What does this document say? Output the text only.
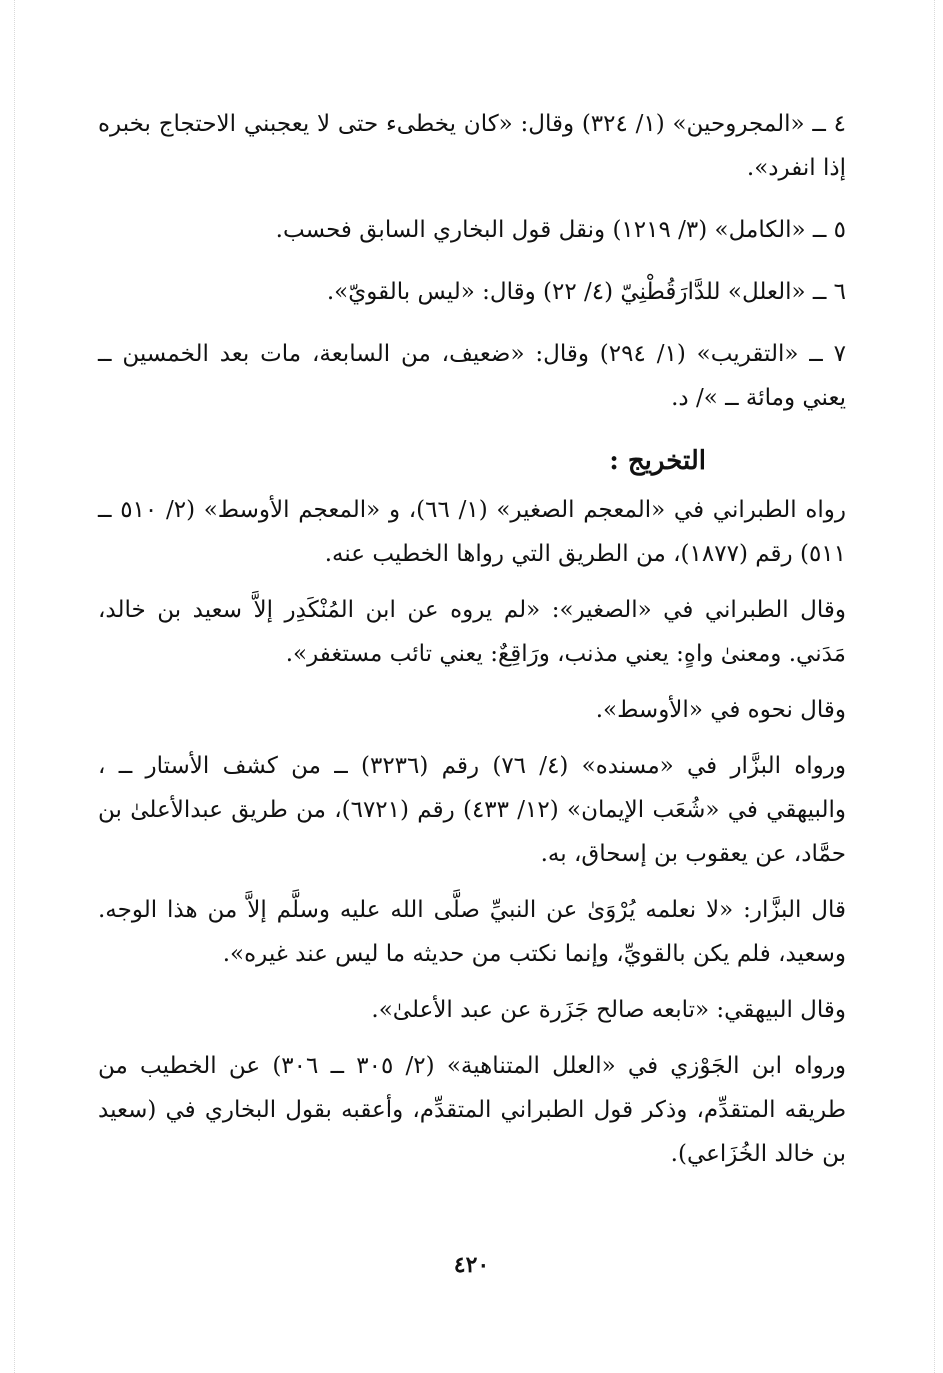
٤ ــ «المجروحين» (١/ ٣٢٤) وقال: «كان يخطىء حتى لا يعجبني الاحتجاج بخبره إذا انفرد».

٥ ــ «الكامل» (٣/ ١٢١٩) ونقل قول البخاري السابق فحسب.

٦ ــ «العلل» للدَّارَقُطْنِيّ (٤/ ٢٢) وقال: «ليس بالقويّ».

٧ ــ «التقريب» (١/ ٢٩٤) وقال: «ضعيف، من السابعة، مات بعد الخمسين ــ يعني ومائة ــ »/ د.

التخريج :

رواه الطبراني في «المعجم الصغير» (١/ ٦٦)، و «المعجم الأوسط» (٢/ ٥١٠ ــ ٥١١) رقم (١٨٧٧)، من الطريق التي رواها الخطيب عنه.

وقال الطبراني في «الصغير»: «لم يروه عن ابن المُنْكَدِر إلاَّ سعيد بن خالد، مَدَني. ومعنىٰ واهٍ: يعني مذنب، ورَاقِعٌ: يعني تائب مستغفر».

وقال نحوه في «الأوسط».

ورواه البزَّار في «مسنده» (٤/ ٧٦) رقم (٣٢٣٦) ــ من كشف الأستار ــ ، والبيهقي في «شُعَب الإيمان» (١٢/ ٤٣٣) رقم (٦٧٢١)، من طريق عبدالأعلىٰ بن حمَّاد، عن يعقوب بن إسحاق، به.

قال البزَّار: «لا نعلمه يُرْوَىٰ عن النبيِّ صلَّى الله عليه وسلَّم إلاَّ من هذا الوجه. وسعيد، فلم يكن بالقويِّ، وإنما نكتب من حديثه ما ليس عند غيره».

وقال البيهقي: «تابعه صالح جَزَرة عن عبد الأعلىٰ».

ورواه ابن الجَوْزي في «العلل المتناهية» (٢/ ٣٠٥ ــ ٣٠٦) عن الخطيب من طريقه المتقدِّم، وذكر قول الطبراني المتقدِّم، وأعقبه بقول البخاري في (سعيد بن خالد الخُزَاعي).

٤٢٠
